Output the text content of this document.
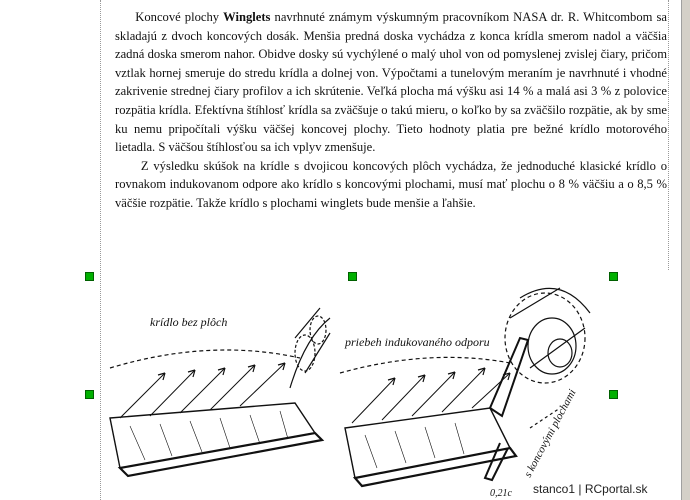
Koncové plochy Winglets navrhnuté známym výskumným pracovníkom NASA dr. R. Whitcombom sa skladajú z dvoch koncových dosák. Menšia predná doska vychádza z konca krídla smerom nadol a väčšia zadná doska smerom nahor. Obidve dosky sú vychýlené o malý uhol von od pomyslenej zvislej čiary, pričom vztlak hornej smeruje do stredu krídla a dolnej von. Výpočtami a tunelovým meraním je navrhnuté i vhodné zakrivenie strednej čiary profilov a ich skrútenie. Veľká plocha má výšku asi 14 % a malá asi 3 % z polovice rozpätia krídla. Efektívna štíhlosť krídla sa zväčšuje o takú mieru, o koľko by sa zväčšilo rozpätie, ak by sme ku nemu pripočítali výšku väčšej koncovej plochy. Tieto hodnoty platia pre bežné krídlo motorového lietadla. S väčšou štíhlosťou sa ich vplyv zmenšuje.

Z výsledku skúšok na krídle s dvojicou koncových plôch vychádza, že jednoduché klasické krídlo o rovnakom indukovanom odpore ako krídlo s koncovými plochami, musí mať plochu o 8 % väčšiu a o 8,5 % väčšie rozpätie. Takže krídlo s plochami winglets bude menšie a ľahšie.

krídlo bez plôch
priebeh indukovaného odporu
s koncovými plochami
0,21c stanco1 | RCportal.sk
